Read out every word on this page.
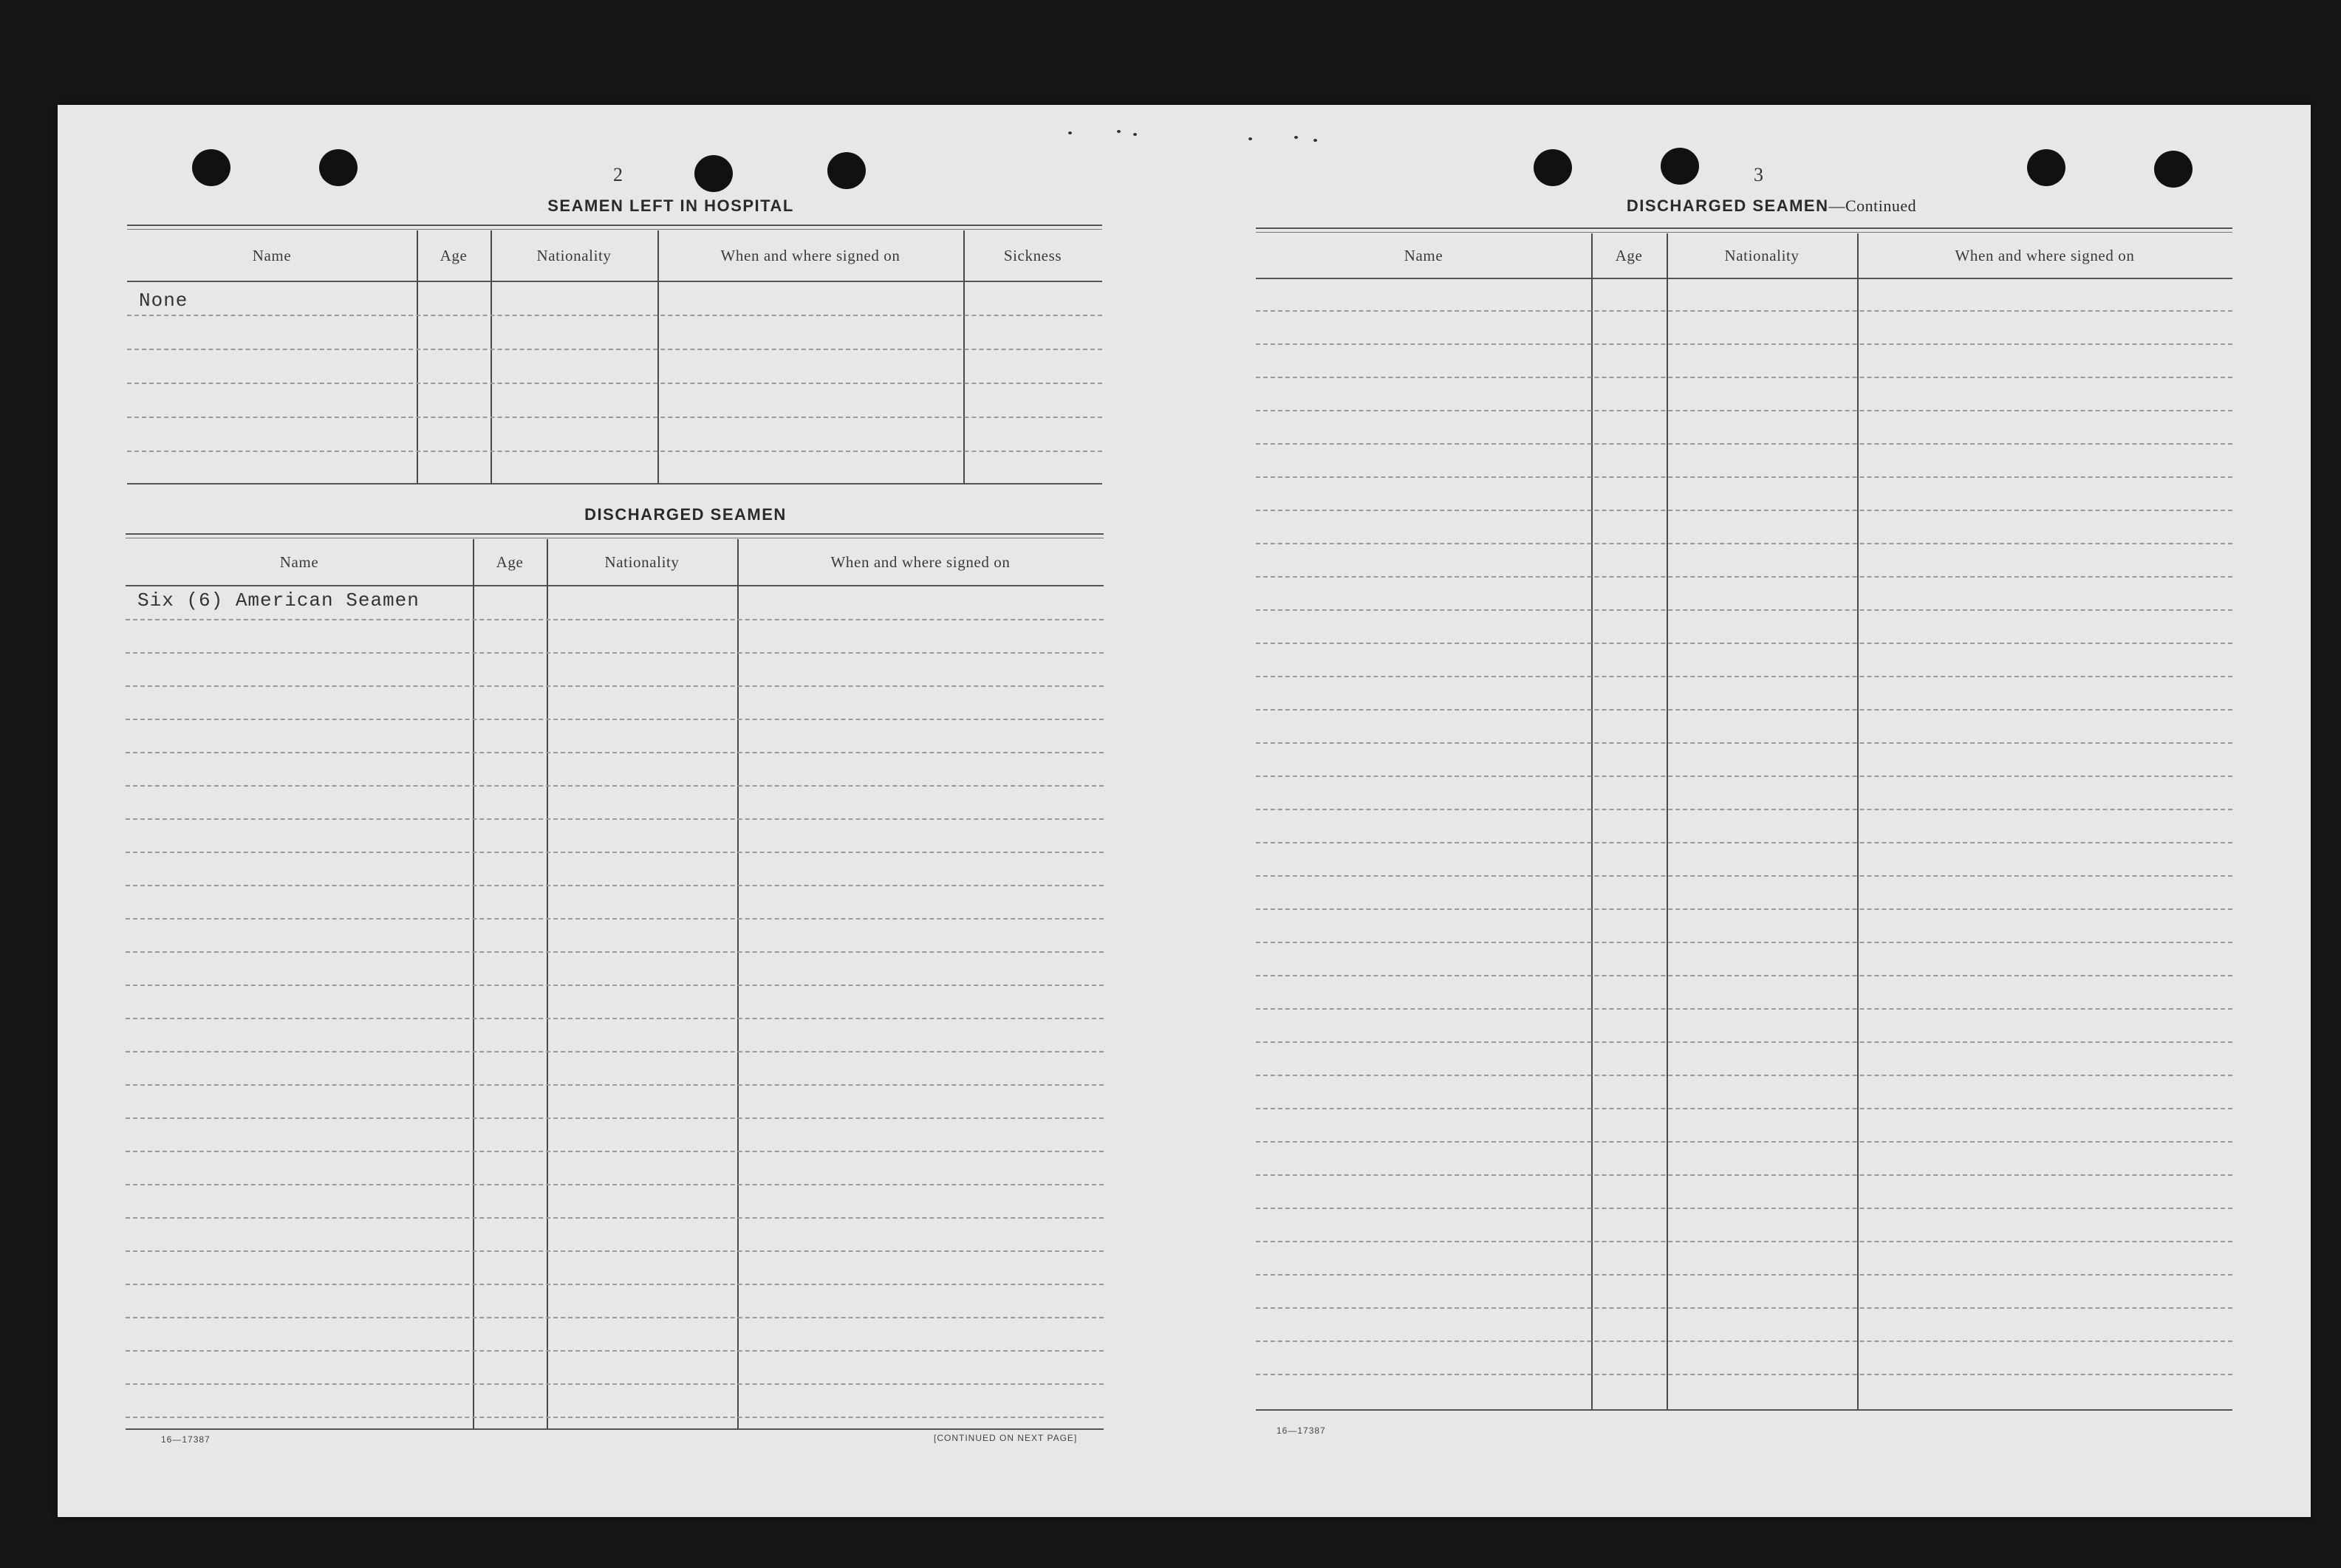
2	3
SEAMEN LEFT IN HOSPITAL
Name	Age	Nationality	When and where signed on	Sickness
None
DISCHARGED SEAMEN
Name	Age	Nationality	When and where signed on
Six (6) American Seamen
16—17387	[CONTINUED ON NEXT PAGE]
DISCHARGED SEAMEN—Continued
Name	Age	Nationality	When and where signed on
16—17387
